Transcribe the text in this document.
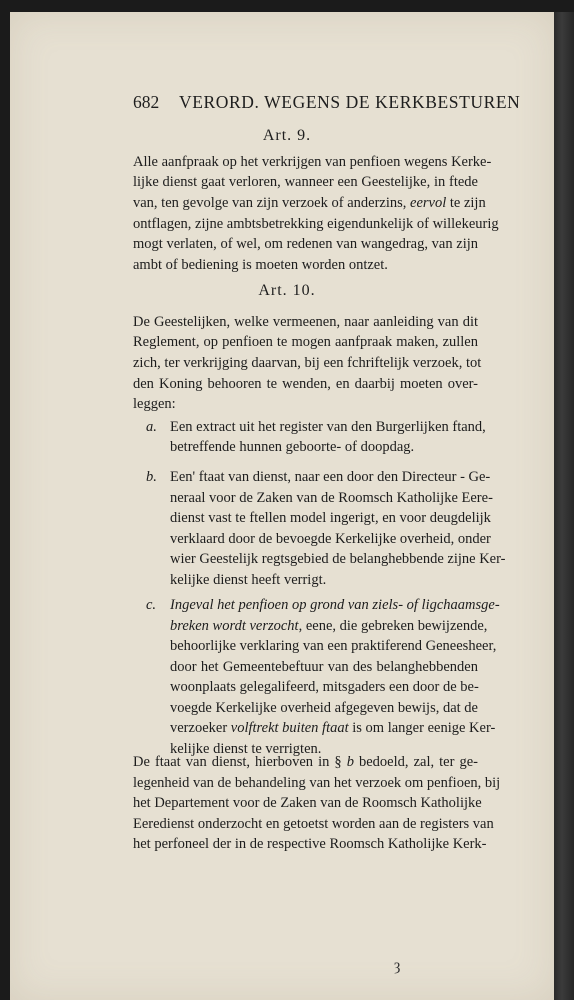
682 VERORD. WEGENS DE KERKBESTUREN
Art. 9.
Alle aanfpraak op het verkrijgen van penfioen wegens Kerke-
lijke dienst gaat verloren, wanneer een Geestelijke, in ftede
van, ten gevolge van zijn verzoek of anderzins, eervol te zijn
ontflagen, zijne ambtsbetrekking eigendunkelijk of willekeurig
mogt verlaten, of wel, om redenen van wangedrag, van zijn
ambt of bediening is moeten worden ontzet.
Art. 10.
De Geestelijken, welke vermeenen, naar aanleiding van dit
Reglement, op penfioen te mogen aanfpraak maken, zullen
zich, ter verkrijging daarvan, bij een fchriftelijk verzoek, tot
den Koning behooren te wenden, en daarbij moeten over-
leggen:
a. Een extract uit het register van den Burgerlijken ftand,
betreffende hunnen geboorte- of doopdag.
b. Een' ftaat van dienst, naar een door den Directeur - Ge-
neraal voor de Zaken van de Roomsch Katholijke Eere-
dienst vast te ftellen model ingerigt, en voor deugdelijk
verklaard door de bevoegde Kerkelijke overheid, onder
wier Geestelijk regtsgebied de belanghebbende zijne Ker-
kelijke dienst heeft verrigt.
c. Ingeval het penfioen op grond van ziels- of ligchaamsge-
breken wordt verzocht, eene, die gebreken bewijzende,
behoorlijke verklaring van een praktiferend Geneesheer,
door het Gemeentebeftuur van des belanghebbenden
woonplaats gelegalifeerd, mitsgaders een door de be-
voegde Kerkelijke overheid afgegeven bewijs, dat de
verzoeker volftrekt buiten ftaat is om langer eenige Ker-
kelijke dienst te verrigten.
De ftaat van dienst, hierboven in § b bedoeld, zal, ter ge-
legenheid van de behandeling van het verzoek om penfioen, bij
het Departement voor de Zaken van de Roomsch Katholijke
Eeredienst onderzocht en getoetst worden aan de registers van
het perfoneel der in de respective Roomsch Katholijke Kerk-
ȝ
